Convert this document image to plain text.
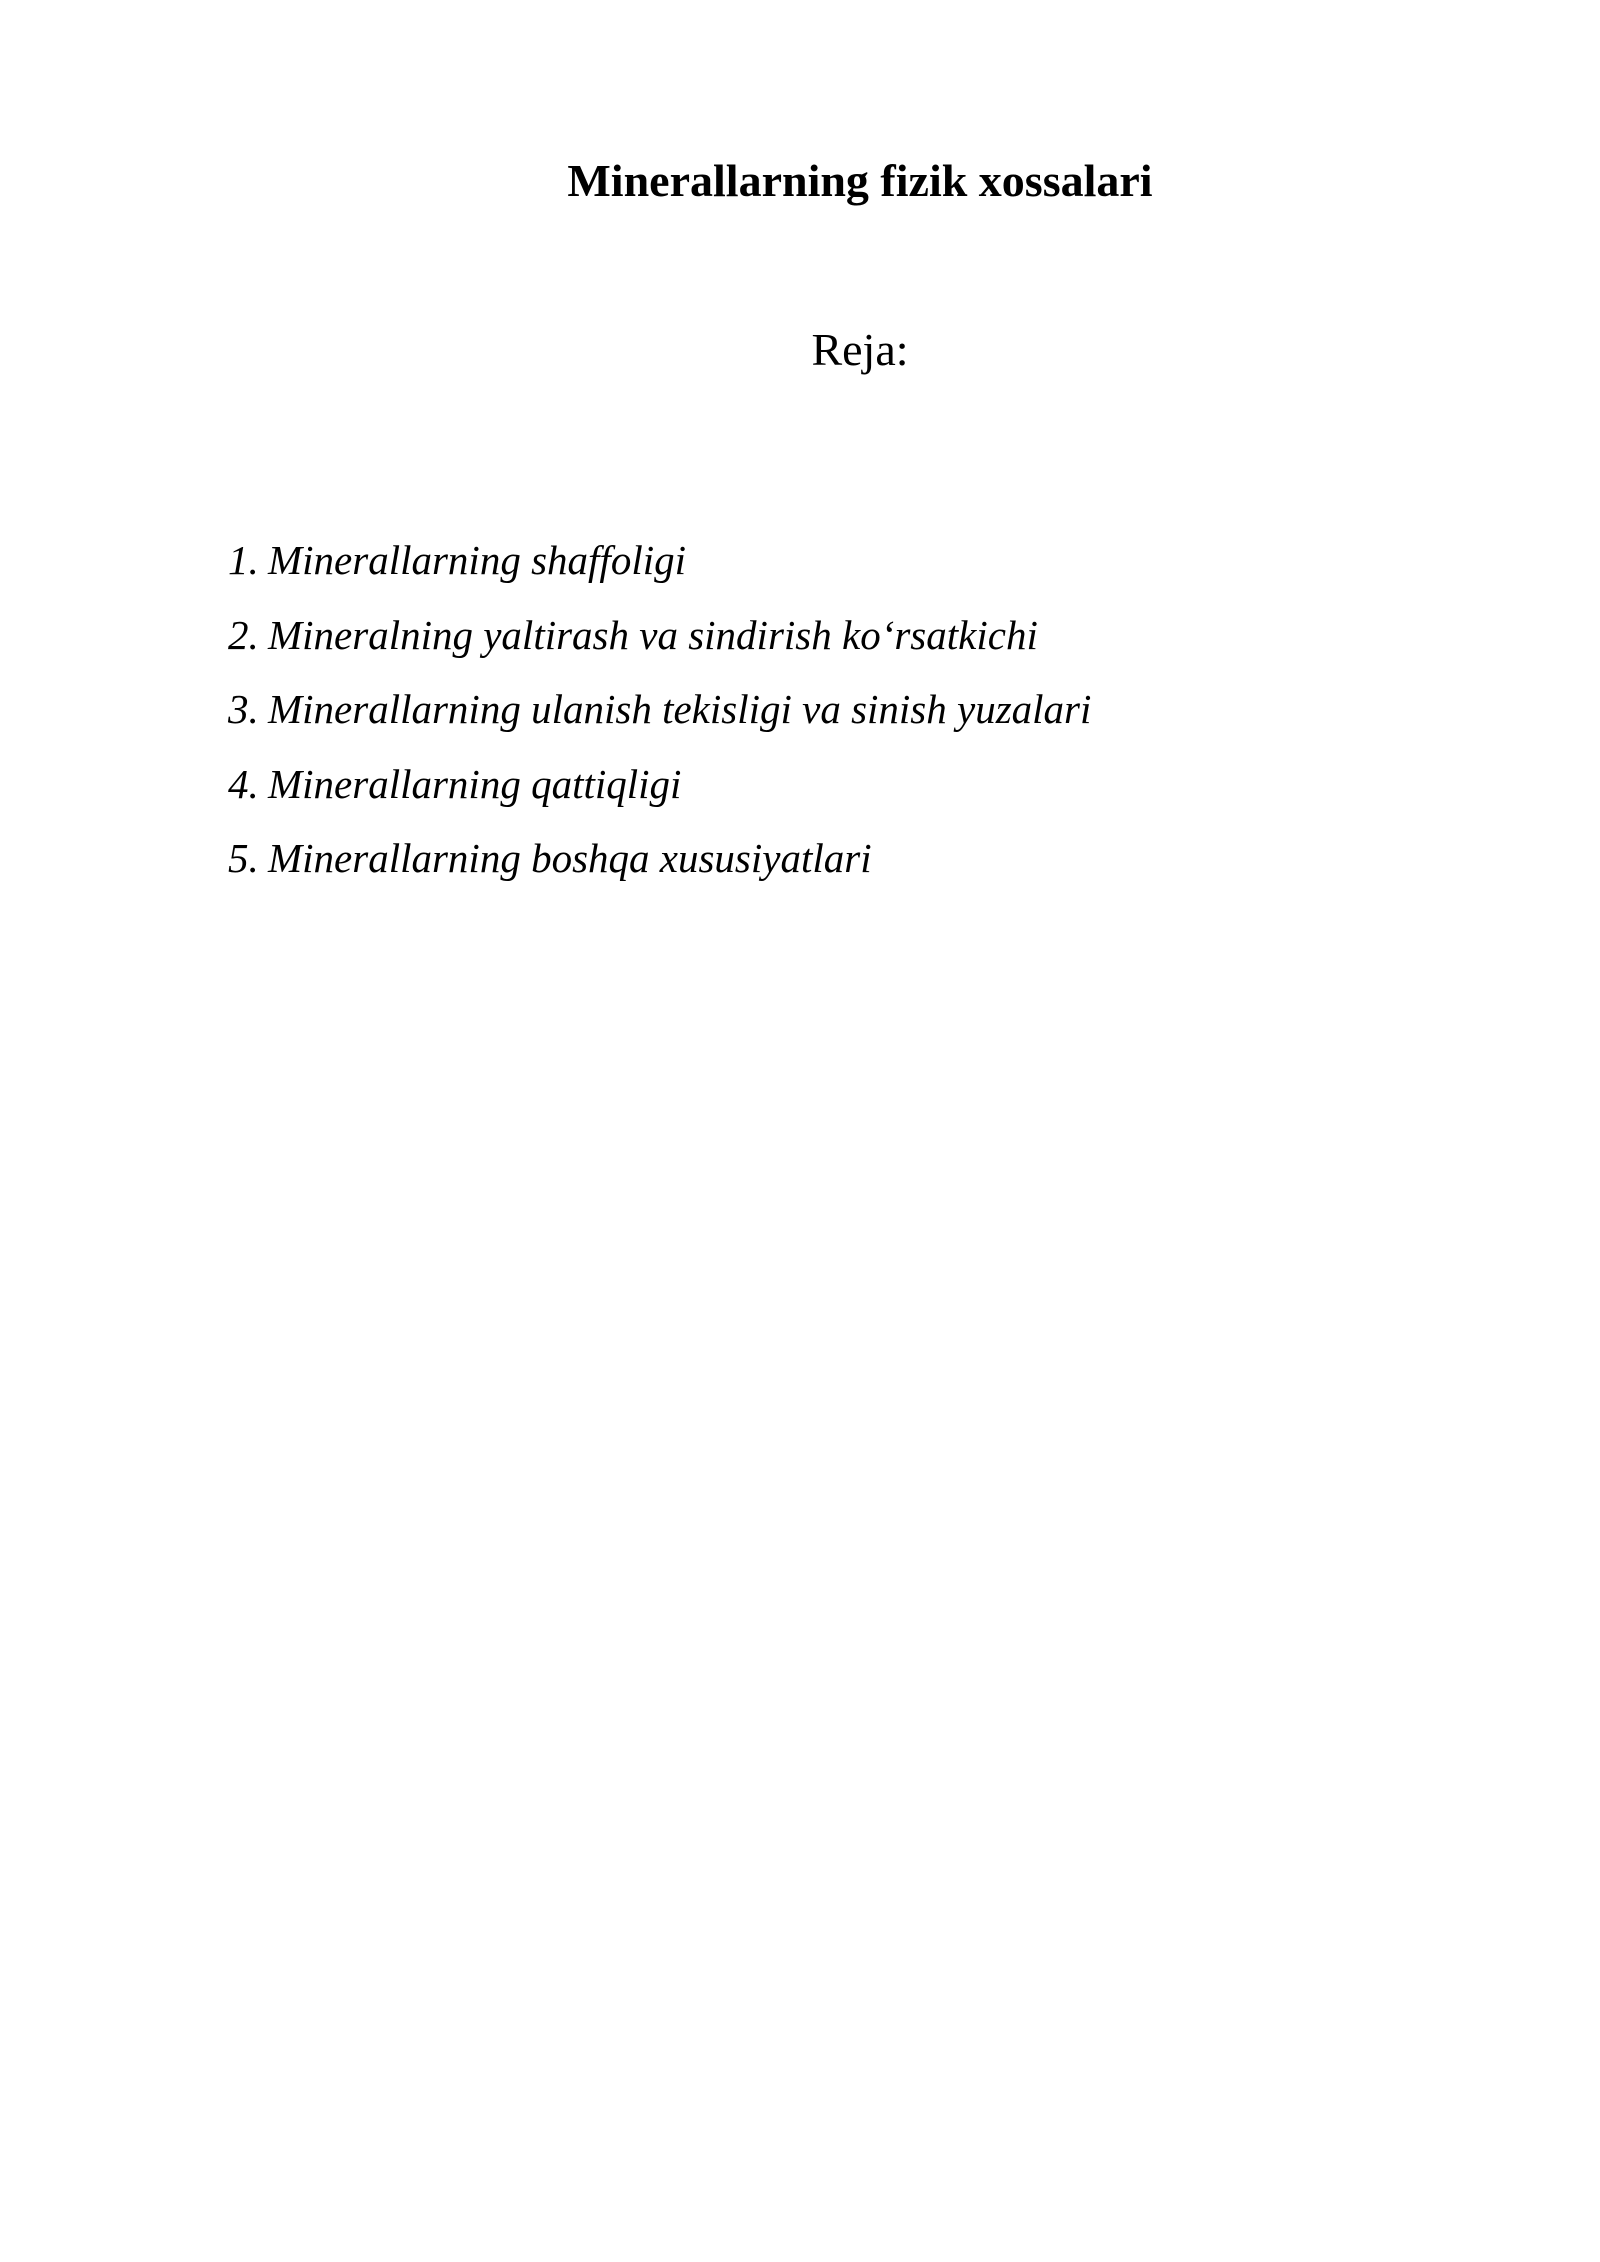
Minerallarning fizik xossalari
Reja:
1. Minerallarning shaffoligi
2. Mineralning yaltirash va sindirish ko‘rsatkichi
3. Minerallarning ulanish tekisligi va sinish yuzalari
4. Minerallarning qattiqligi
5. Minerallarning boshqa xususiyatlari
